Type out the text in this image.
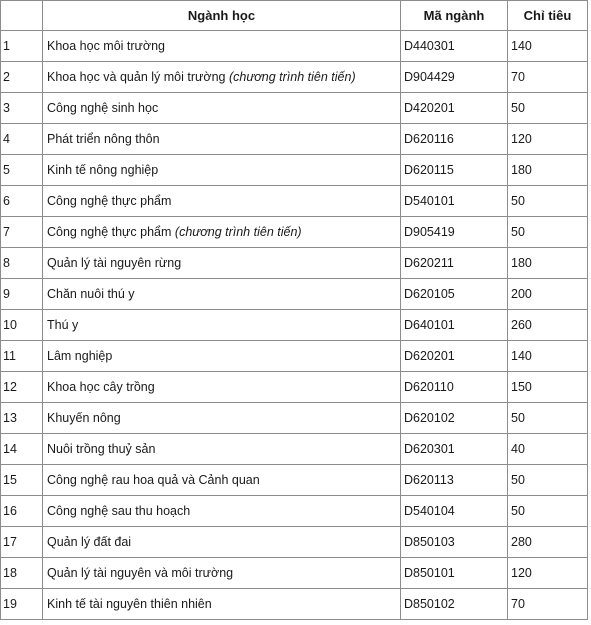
	Ngành học	Mã ngành	Chỉ tiêu
1	Khoa học môi trường	D440301	140
2	Khoa học và quản lý môi trường (chương trình tiên tiến)	D904429	70
3	Công nghệ sinh học	D420201	50
4	Phát triển nông thôn	D620116	120
5	Kinh tế nông nghiệp	D620115	180
6	Công nghệ thực phẩm	D540101	50
7	Công nghệ thực phẩm (chương trình tiên tiến)	D905419	50
8	Quản lý tài nguyên rừng	D620211	180
9	Chăn nuôi thú y	D620105	200
10	Thú y	D640101	260
11	Lâm nghiệp	D620201	140
12	Khoa học cây trồng	D620110	150
13	Khuyến nông	D620102	50
14	Nuôi trồng thuỷ sản	D620301	40
15	Công nghệ rau hoa quả và Cảnh quan	D620113	50
16	Công nghệ sau thu hoạch	D540104	50
17	Quản lý đất đai	D850103	280
18	Quản lý tài nguyên và môi trường	D850101	120
19	Kinh tế tài nguyên thiên nhiên	D850102	70
